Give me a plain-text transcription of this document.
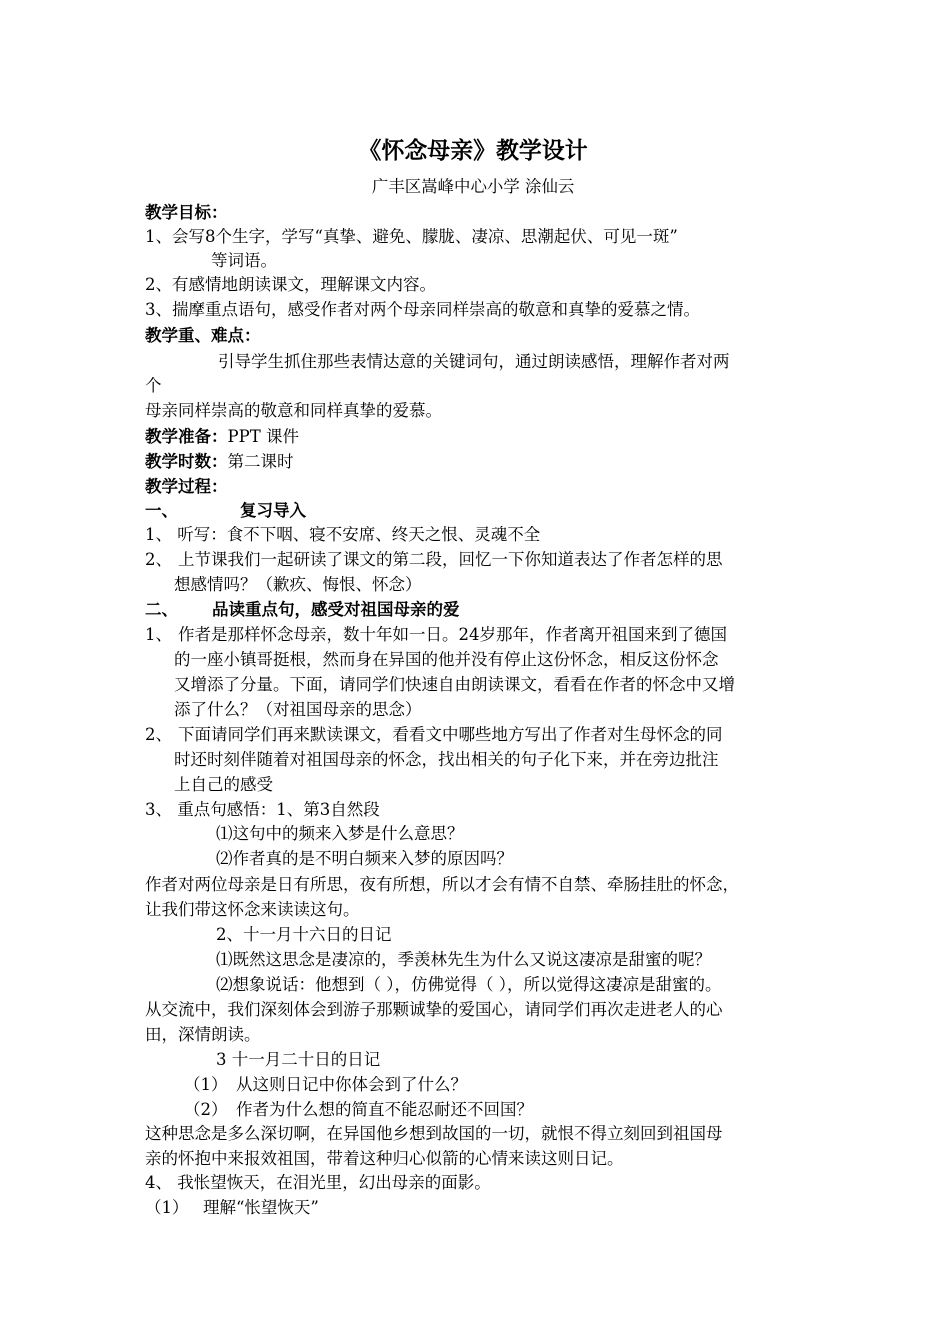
《怀念母亲》教学设计
广丰区嵩峰中心小学 涂仙云
教学目标：
1、会写8个生字，学写“真挚、避免、朦胧、凄凉、思潮起伏、可见一斑”
等词语。
2、有感情地朗读课文，理解课文内容。
3、揣摩重点语句，感受作者对两个母亲同样崇高的敬意和真挚的爱慕之情。
教学重、难点：
引导学生抓住那些表情达意的关键词句，通过朗读感悟，理解作者对两
个
母亲同样崇高的敬意和同样真挚的爱慕。
教学准备：PPT 课件
教学时数：第二课时
教学过程：
一、	复习导入
1、 听写：食不下咽、寝不安席、终天之恨、灵魂不全
2、 上节课我们一起研读了课文的第二段，回忆一下你知道表达了作者怎样的思
想感情吗？（歉疚、悔恨、怀念）
二、 品读重点句，感受对祖国母亲的爱
1、 作者是那样怀念母亲，数十年如一日。24岁那年，作者离开祖国来到了德国
的一座小镇哥挺根，然而身在异国的他并没有停止这份怀念，相反这份怀念
又增添了分量。下面，请同学们快速自由朗读课文，看看在作者的怀念中又增
添了什么？（对祖国母亲的思念）
2、 下面请同学们再来默读课文，看看文中哪些地方写出了作者对生母怀念的同
时还时刻伴随着对祖国母亲的怀念，找出相关的句子化下来，并在旁边批注
上自己的感受
3、 重点句感悟：1、第3自然段
⑴这句中的频来入梦是什么意思？
⑵作者真的是不明白频来入梦的原因吗？
作者对两位母亲是日有所思，夜有所想，所以才会有情不自禁、牵肠挂肚的怀念，
让我们带这怀念来读读这句。
2、十一月十六日的日记
⑴既然这思念是凄凉的，季羡林先生为什么又说这凄凉是甜蜜的呢？
⑵想象说话：他想到（ ），仿佛觉得（ ），所以觉得这凄凉是甜蜜的。
从交流中，我们深刻体会到游子那颗诚挚的爱国心，请同学们再次走进老人的心
田，深情朗读。
3 十一月二十日的日记
（1） 从这则日记中你体会到了什么？
（2） 作者为什么想的简直不能忍耐还不回国？
这种思念是多么深切啊，在异国他乡想到故国的一切，就恨不得立刻回到祖国母
亲的怀抱中来报效祖国，带着这种归心似箭的心情来读这则日记。
4、 我怅望恢天，在泪光里，幻出母亲的面影。
（1） 理解“怅望恢天”
